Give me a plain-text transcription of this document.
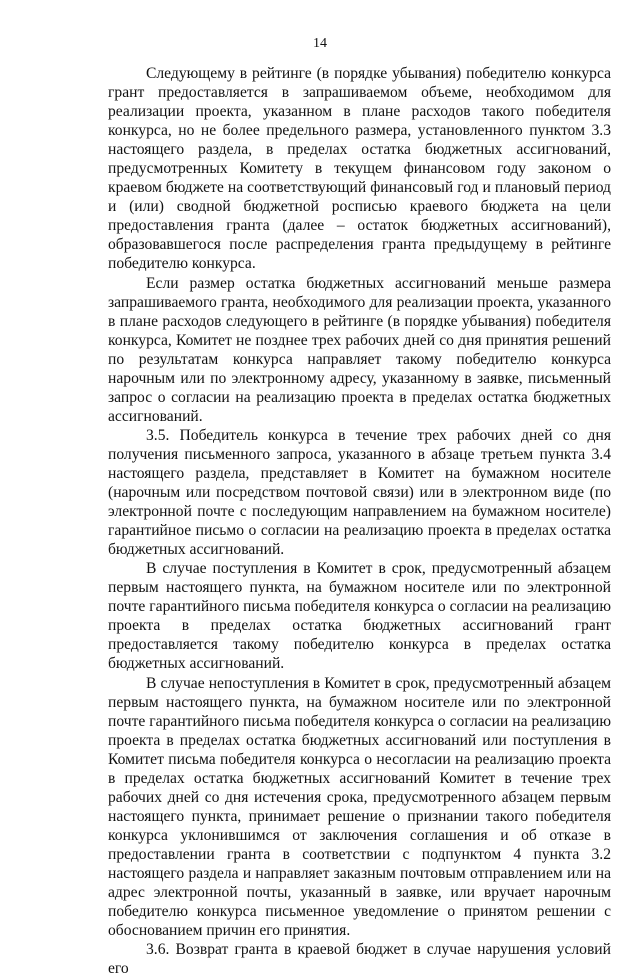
14

Следующему в рейтинге (в порядке убывания) победителю конкурса грант предоставляется в запрашиваемом объеме, необходимом для реализации проекта, указанном в плане расходов такого победителя конкурса, но не более предельного размера, установленного пунктом 3.3 настоящего раздела, в пределах остатка бюджетных ассигнований, предусмотренных Комитету в текущем финансовом году законом о краевом бюджете на соответствующий финансовый год и плановый период и (или) сводной бюджетной росписью краевого бюджета на цели предоставления гранта (далее – остаток бюджетных ассигнований), образовавшегося после распределения гранта предыдущему в рейтинге победителю конкурса.

Если размер остатка бюджетных ассигнований меньше размера запрашиваемого гранта, необходимого для реализации проекта, указанного в плане расходов следующего в рейтинге (в порядке убывания) победителя конкурса, Комитет не позднее трех рабочих дней со дня принятия решений по результатам конкурса направляет такому победителю конкурса нарочным или по электронному адресу, указанному в заявке, письменный запрос о согласии на реализацию проекта в пределах остатка бюджетных ассигнований.

3.5. Победитель конкурса в течение трех рабочих дней со дня получения письменного запроса, указанного в абзаце третьем пункта 3.4 настоящего раздела, представляет в Комитет на бумажном носителе (нарочным или посредством почтовой связи) или в электронном виде (по электронной почте с последующим направлением на бумажном носителе) гарантийное письмо о согласии на реализацию проекта в пределах остатка бюджетных ассигнований.

В случае поступления в Комитет в срок, предусмотренный абзацем первым настоящего пункта, на бумажном носителе или по электронной почте гарантийного письма победителя конкурса о согласии на реализацию проекта в пределах остатка бюджетных ассигнований грант предоставляется такому победителю конкурса в пределах остатка бюджетных ассигнований.

В случае непоступления в Комитет в срок, предусмотренный абзацем первым настоящего пункта, на бумажном носителе или по электронной почте гарантийного письма победителя конкурса о согласии на реализацию проекта в пределах остатка бюджетных ассигнований или поступления в Комитет письма победителя конкурса о несогласии на реализацию проекта в пределах остатка бюджетных ассигнований Комитет в течение трех рабочих дней со дня истечения срока, предусмотренного абзацем первым настоящего пункта, принимает решение о признании такого победителя конкурса уклонившимся от заключения соглашения и об отказе в предоставлении гранта в соответствии с подпунктом 4 пункта 3.2 настоящего раздела и направляет заказным почтовым отправлением или на адрес электронной почты, указанный в заявке, или вручает нарочным победителю конкурса письменное уведомление о принятом решении с обоснованием причин его принятия.

3.6. Возврат гранта в краевой бюджет в случае нарушения условий его
